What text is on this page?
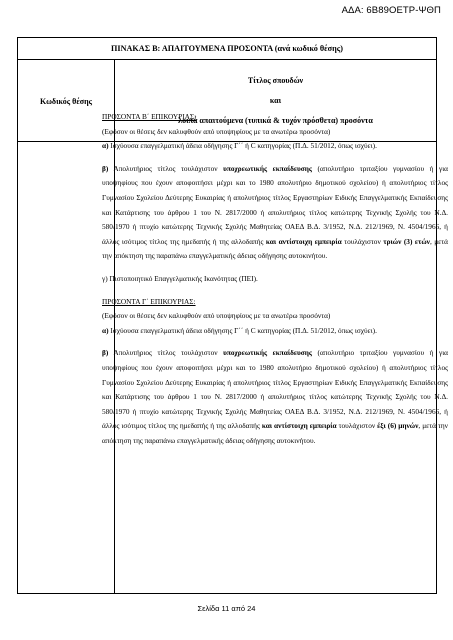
ΑΔΑ: 6Β89ΟΕΤΡ-ΨΘΠ
ΠΙΝΑΚΑΣ Β: ΑΠΑΙΤΟΥΜΕΝΑ ΠΡΟΣΟΝΤΑ (ανά κωδικό θέσης)
Κωδικός θέσης
Τίτλος σπουδών
και
λοιπά απαιτούμενα (τυπικά & τυχόν πρόσθετα) προσόντα

ΠΡΟΣΟΝΤΑ Β΄ ΕΠΙΚΟΥΡΙΑΣ:

(Εφόσον οι θέσεις δεν καλυφθούν από υποψηφίους με τα ανωτέρω προσόντα)

α) Ισχύουσα επαγγελματική άδεια οδήγησης Γ΄΄ ή C κατηγορίας (Π.Δ. 51/2012, όπως ισχύει).

β) Απολυτήριος τίτλος τουλάχιστον υποχρεωτικής εκπαίδευσης (απολυτήριο τριταξίου γυμνασίου ή για υποψηφίους που έχουν αποφοιτήσει μέχρι και το 1980 απολυτήριο δημοτικού σχολείου) ή απολυτήριος τίτλος Γυμνασίου Σχολείου Δεύτερης Ευκαιρίας ή απολυτήριος τίτλος Εργαστηρίων Ειδικής Επαγγελματικής Εκπαίδευσης και Κατάρτισης του άρθρου 1 του Ν. 2817/2000 ή απολυτήριος τίτλος κατώτερης Τεχνικής Σχολής του Ν.Δ. 580/1970 ή πτυχίο κατώτερης Τεχνικής Σχολής Μαθητείας ΟΑΕΔ Β.Δ. 3/1952, Ν.Δ. 212/1969, Ν. 4504/1966, ή άλλος ισότιμος τίτλος της ημεδαπής ή της αλλοδαπής και αντίστοιχη εμπειρία τουλάχιστον τριών (3) ετών, μετά την απόκτηση της παραπάνω επαγγελματικής άδειας οδήγησης αυτοκινήτου.

γ) Πιστοποιητικό Επαγγελματικής Ικανότητας (ΠΕΙ).

ΠΡΟΣΟΝΤΑ Γ΄ ΕΠΙΚΟΥΡΙΑΣ:

(Εφόσον οι θέσεις δεν καλυφθούν από υποψηφίους με τα ανωτέρω προσόντα)

α) Ισχύουσα επαγγελματική άδεια οδήγησης Γ΄΄ ή C κατηγορίας (Π.Δ. 51/2012, όπως ισχύει).

β) Απολυτήριος τίτλος τουλάχιστον υποχρεωτικής εκπαίδευσης (απολυτήριο τριταξίου γυμνασίου ή για υποψηφίους που έχουν αποφοιτήσει μέχρι και το 1980 απολυτήριο δημοτικού σχολείου) ή απολυτήριος τίτλος Γυμνασίου Σχολείου Δεύτερης Ευκαιρίας ή απολυτήριος τίτλος Εργαστηρίων Ειδικής Επαγγελματικής Εκπαίδευσης και Κατάρτισης του άρθρου 1 του Ν. 2817/2000 ή απολυτήριος τίτλος κατώτερης Τεχνικής Σχολής του Ν.Δ. 580/1970 ή πτυχίο κατώτερης Τεχνικής Σχολής Μαθητείας ΟΑΕΔ Β.Δ. 3/1952, Ν.Δ. 212/1969, Ν. 4504/1966, ή άλλος ισότιμος τίτλος της ημεδαπής ή της αλλοδαπής και αντίστοιχη εμπειρία τουλάχιστον έξι (6) μηνών, μετά την απόκτηση της παραπάνω επαγγελματικής άδειας οδήγησης αυτοκινήτου.

Σελίδα 11 από 24
